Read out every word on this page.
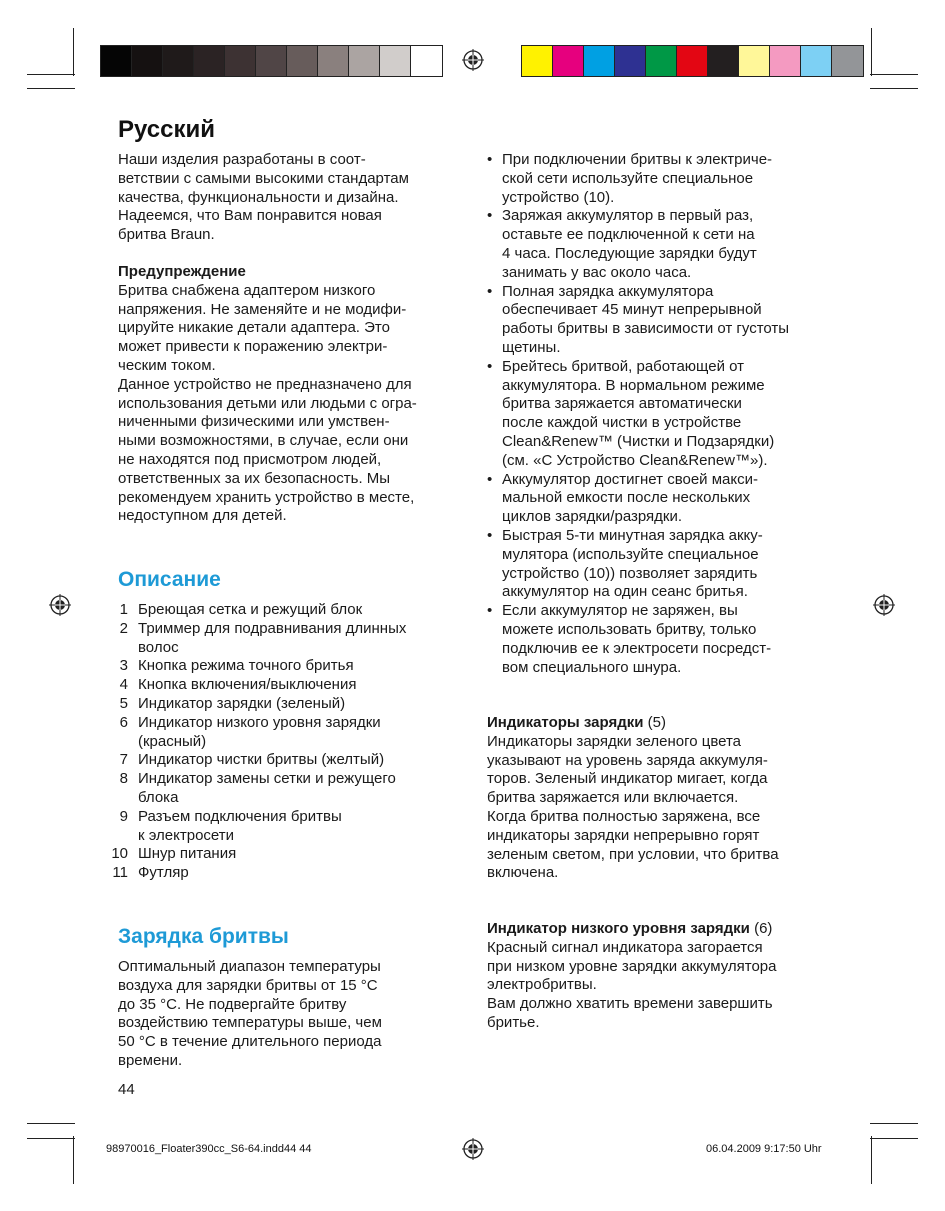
Русский

Наши изделия разработаны в соот-
ветствии с самыми высокими стандартам
качества, функциональности и дизайна.
Надеемся, что Вам понравится новая
бритва Braun.

Предупреждение

Бритва снабжена адаптером низкого
напряжения. Не заменяйте и не модифи-
цируйте никакие детали адаптера. Это
может привести к поражению электри-
ческим током.
Данное устройство не предназначено для
использования детьми или людьми с огра-
ниченными физическими или умствен-
ными возможностями, в случае, если они
не находятся под присмотром людей,
ответственных за их безопасность. Мы
рекомендуем хранить устройство в месте,
недоступном для детей.

Описание
1 Бреющая сетка и режущий блок
2 Триммер для подравнивания длинных
волос
3 Кнопка режима точного бритья
4 Кнопка включения/выключения
5 Индикатор зарядки (зеленый)
6 Индикатор низкого уровня зарядки
(красный)
7 Индикатор чистки бритвы (желтый)
8 Индикатор замены сетки и режущего
блока
9 Разъем подключения бритвы
к электросети
10 Шнур питания
11 Футляр
Зарядка бритвы

Оптимальный диапазон температуры
воздуха для зарядки бритвы от 15 °C
до 35 °C. Не подвергайте бритву
воздействию температуры выше, чем
50 °C в течение длительного периода
времени.

44
• При подключении бритвы к электриче-
ской сети используйте специальное
устройство (10).
• Заряжая аккумулятор в первый раз,
оставьте ее подключенной к сети на
4 часа. Последующие зарядки будут
занимать у вас около часа.
• Полная зарядка аккумулятора
обеспечивает 45 минут непрерывной
работы бритвы в зависимости от густоты
щетины.
• Брейтесь бритвой, работающей от
аккумулятора. В нормальном режиме
бритва заряжается автоматически
после каждой чистки в устройстве
Clean&Renew™ (Чистки и Подзарядки)
(см. «С Устройство Clean&Renew™»).
• Аккумулятор достигнет своей макси-
мальной емкости после нескольких
циклов зарядки/разрядки.
• Быстрая 5-ти минутная зарядка акку-
мулятора (используйте специальное
устройство (10)) позволяет зарядить
аккумулятор на один сеанс бритья.
• Если аккумулятор не заряжен, вы
можете использовать бритву, только
подключив ее к электросети посредст-
вом специального шнура.

Индикаторы зарядки (5)

Индикаторы зарядки зеленого цвета
указывают на уровень заряда аккумуля-
торов. Зеленый индикатор мигает, когда
бритва заряжается или включается.
Когда бритва полностью заряжена, все
индикаторы зарядки непрерывно горят
зеленым светом, при условии, что бритва
включена.

Индикатор низкого уровня зарядки (6)

Красный сигнал индикатора загорается
при низком уровне зарядки аккумулятора
электробритвы.
Вам должно хватить времени завершить
бритье.

98970016_Floater390cc_S6-64.indd44 44	06.04.2009 9:17:50 Uhr
